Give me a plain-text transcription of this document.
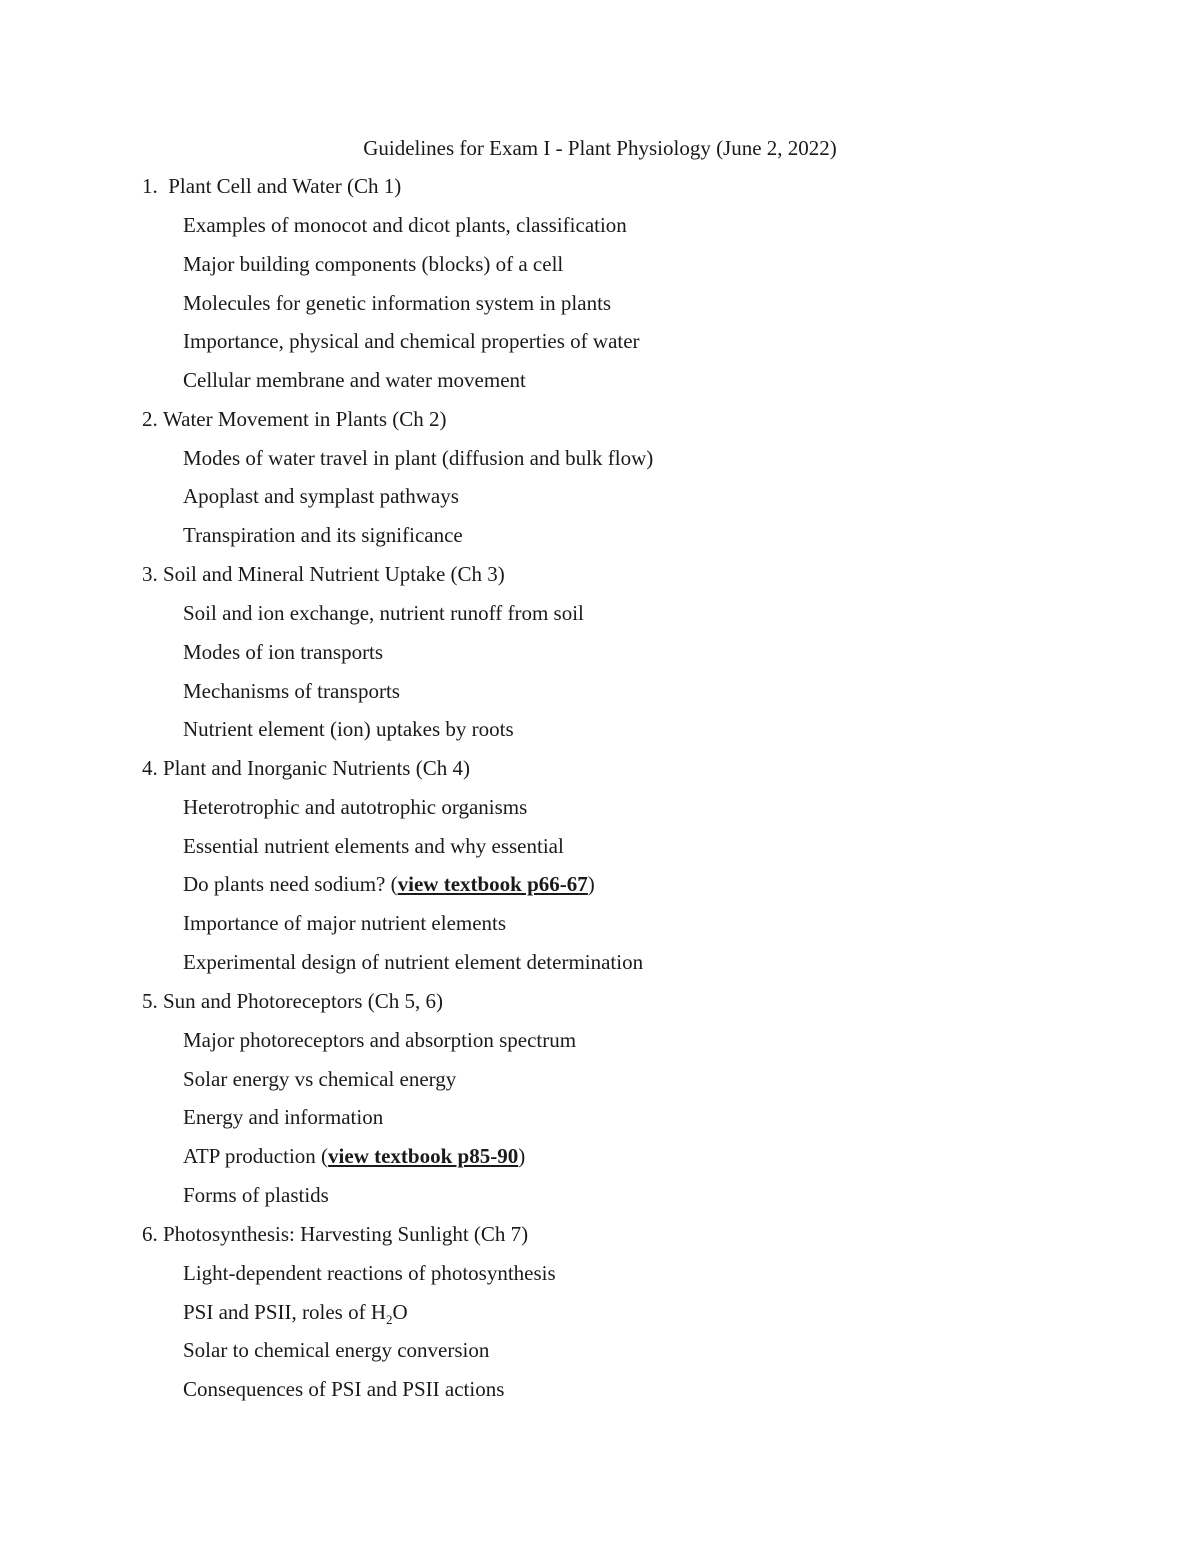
Guidelines for Exam I - Plant Physiology (June 2, 2022)
1. Plant Cell and Water (Ch 1)
Examples of monocot and dicot plants, classification
Major building components (blocks) of a cell
Molecules for genetic information system in plants
Importance, physical and chemical properties of water
Cellular membrane and water movement
2. Water Movement in Plants (Ch 2)
Modes of water travel in plant (diffusion and bulk flow)
Apoplast and symplast pathways
Transpiration and its significance
3. Soil and Mineral Nutrient Uptake (Ch 3)
Soil and ion exchange, nutrient runoff from soil
Modes of ion transports
Mechanisms of transports
Nutrient element (ion) uptakes by roots
4. Plant and Inorganic Nutrients (Ch 4)
Heterotrophic and autotrophic organisms
Essential nutrient elements and why essential
Do plants need sodium? (view textbook p66-67)
Importance of major nutrient elements
Experimental design of nutrient element determination
5. Sun and Photoreceptors (Ch 5, 6)
Major photoreceptors and absorption spectrum
Solar energy vs chemical energy
Energy and information
ATP production (view textbook p85-90)
Forms of plastids
6. Photosynthesis: Harvesting Sunlight (Ch 7)
Light-dependent reactions of photosynthesis
PSI and PSII, roles of $H_2O$
Solar to chemical energy conversion
Consequences of PSI and PSII actions
